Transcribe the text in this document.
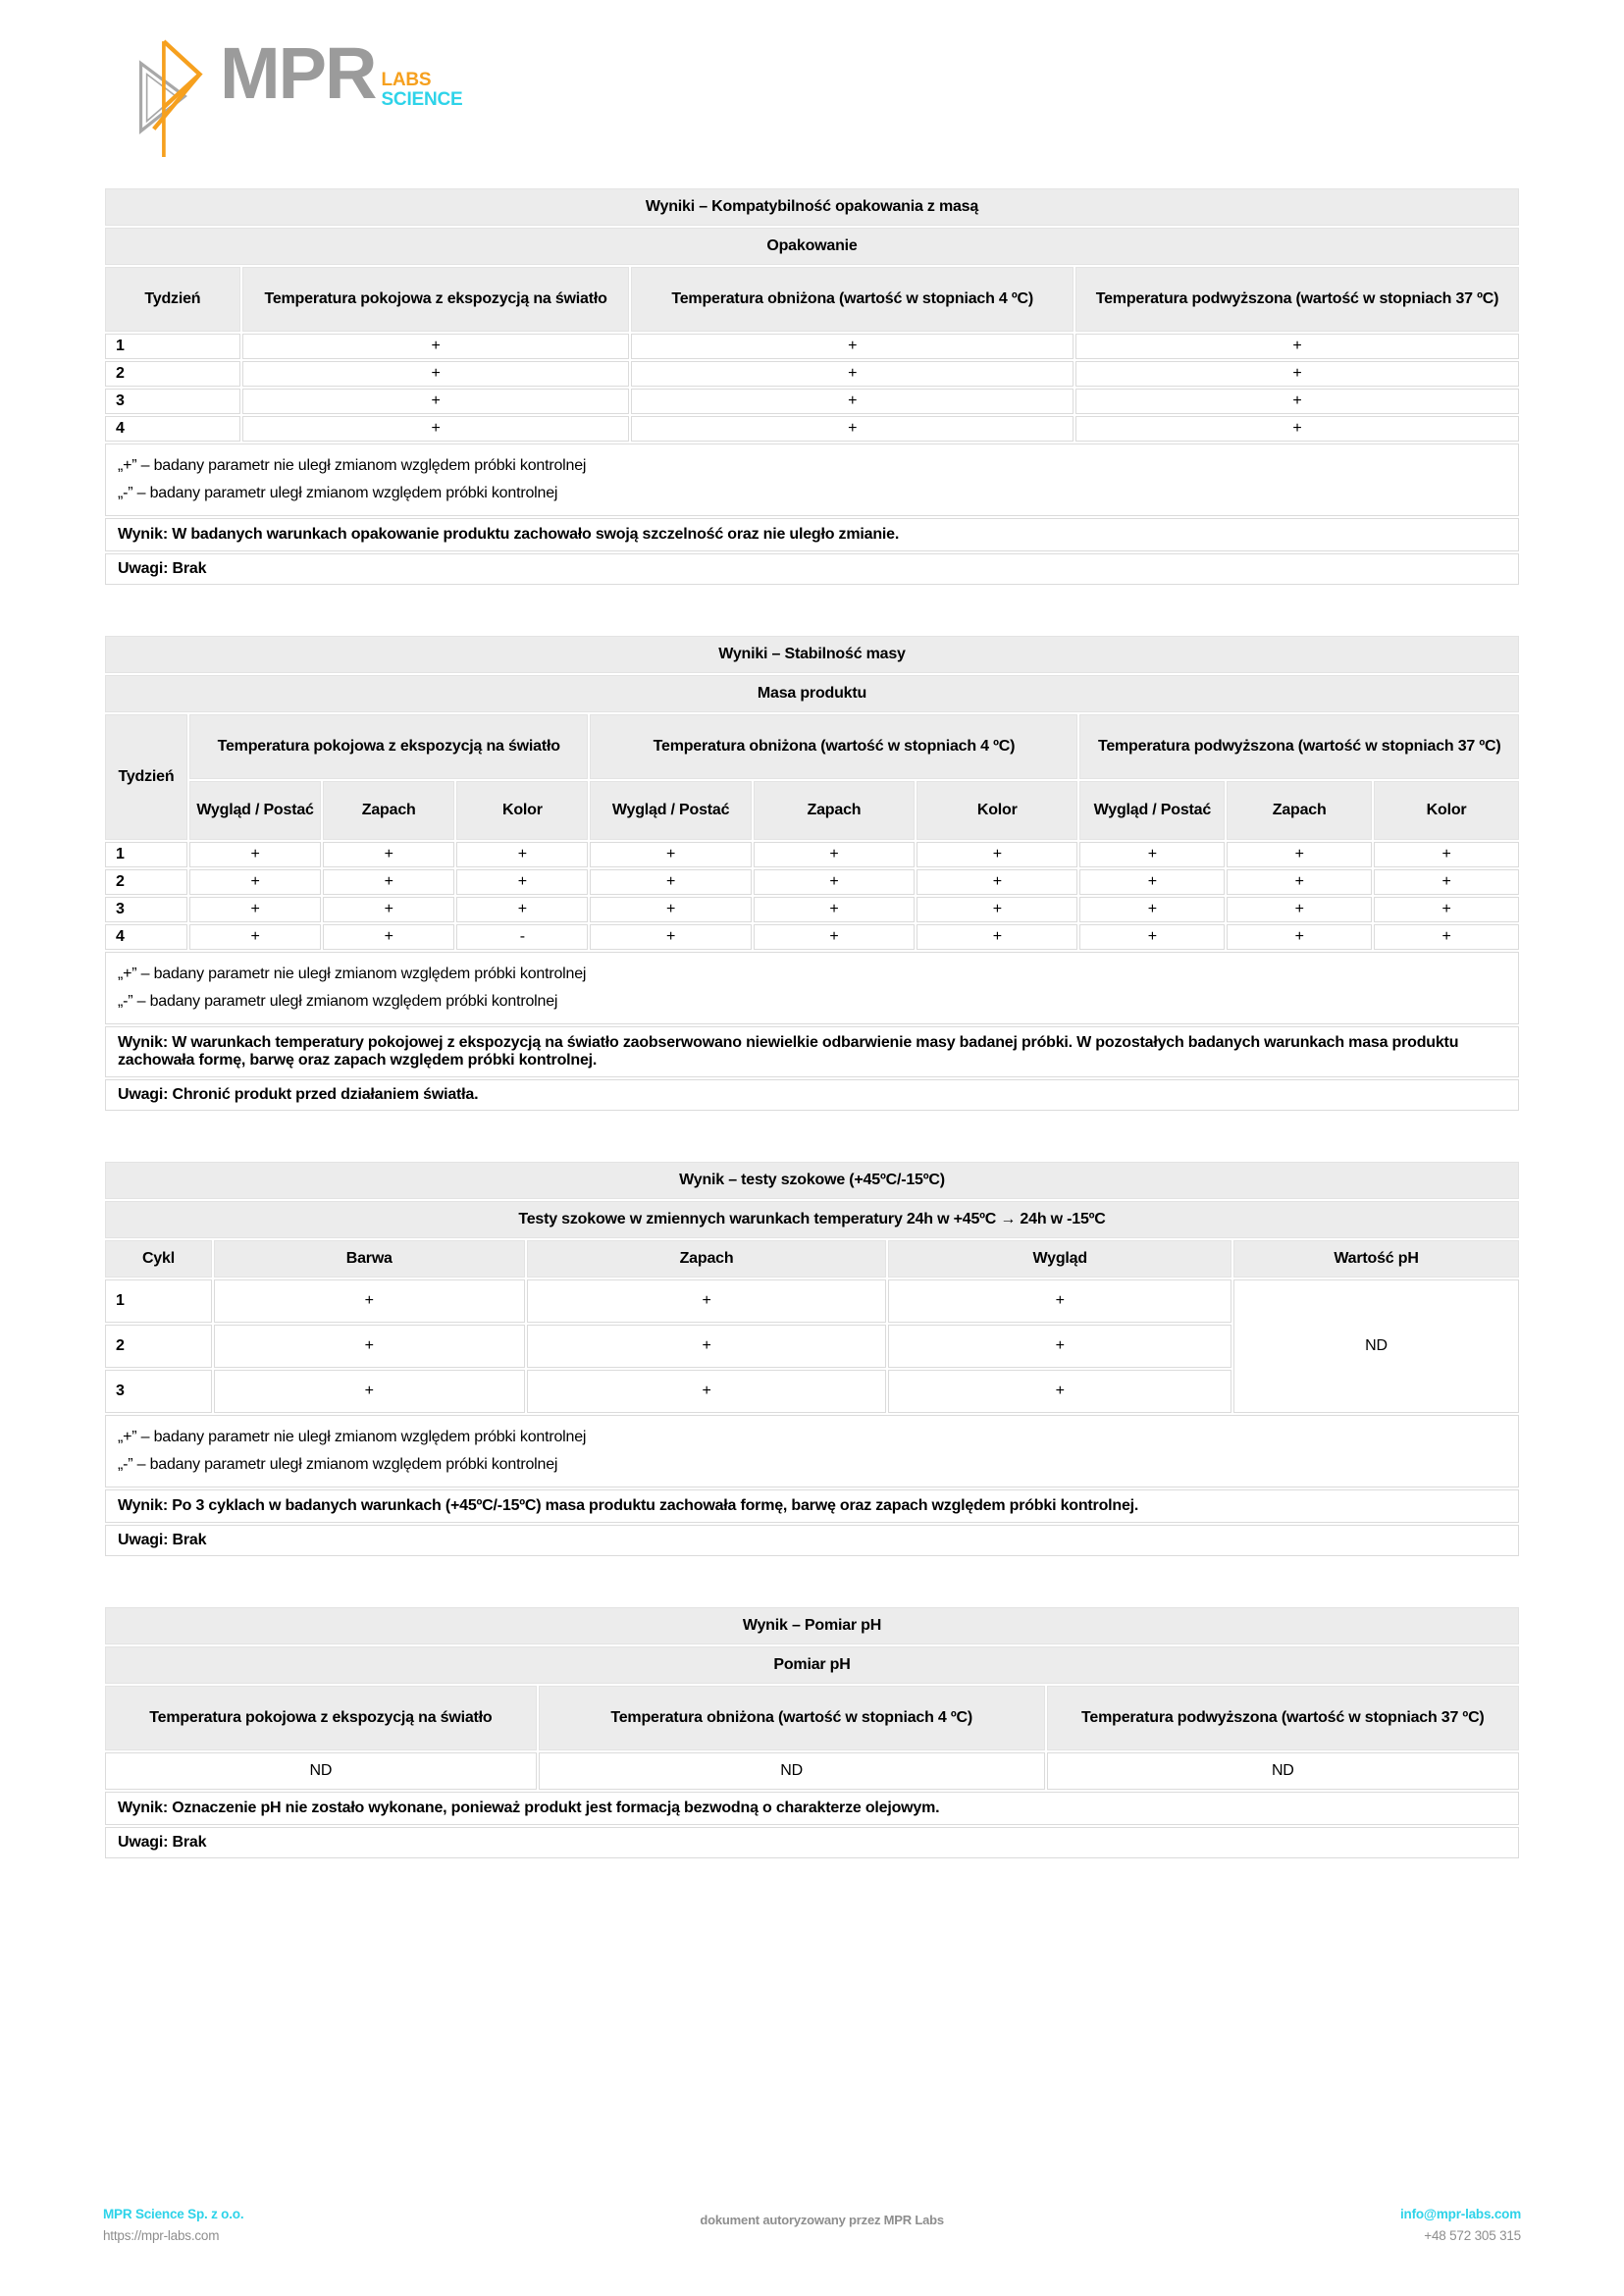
MPR LABS
SCIENCE
Wyniki – Kompatybilność opakowania z masą			
Opakowanie			
Tydzień	Temperatura pokojowa z ekspozycją na światło	Temperatura obniżona (wartość w stopniach 4 ºC)	Temperatura podwyższona (wartość w stopniach 37 ºC)
1	+	+	+
2	+	+	+
3	+	+	+
4	+	+	+

„+” – badany parametr nie uległ zmianom względem próbki kontrolnej
„-” – badany parametr uległ zmianom względem próbki kontrolnej			

Wynik: W badanych warunkach opakowanie produktu zachowało swoją szczelność oraz nie uległo zmianie.			
Uwagi: Brak			
Wyniki – Stabilność masy									
Masa produktu									
Tydzień	Temperatura pokojowa z ekspozycją na światło			Temperatura obniżona (wartość w stopniach 4 ºC)			Temperatura podwyższona (wartość w stopniach 37 ºC)		
	Wygląd / Postać	Zapach	Kolor	Wygląd / Postać	Zapach	Kolor	Wygląd / Postać	Zapach	Kolor
1	+	+	+	+	+	+	+	+	+
2	+	+	+	+	+	+	+	+	+
3	+	+	+	+	+	+	+	+	+
4	+	+	-	+	+	+	+	+	+

„+” – badany parametr nie uległ zmianom względem próbki kontrolnej
„-” – badany parametr uległ zmianom względem próbki kontrolnej									

Wynik: W warunkach temperatury pokojowej z ekspozycją na światło zaobserwowano niewielkie odbarwienie masy badanej próbki. W pozostałych badanych warunkach masa produktu zachowała formę, barwę oraz zapach względem próbki kontrolnej.									
Uwagi: Chronić produkt przed działaniem światła.									
Wynik – testy szokowe (+45ºC/-15ºC)				
Testy szokowe w zmiennych warunkach temperatury 24h w +45ºC → 24h w -15ºC				
Cykl	Barwa	Zapach	Wygląd	Wartość pH
1	+	+	+	ND
2	+	+	+	
3	+	+	+	

„+” – badany parametr nie uległ zmianom względem próbki kontrolnej
„-” – badany parametr uległ zmianom względem próbki kontrolnej				

Wynik: Po 3 cyklach w badanych warunkach (+45ºC/-15ºC) masa produktu zachowała formę, barwę oraz zapach względem próbki kontrolnej.				
Uwagi: Brak				
Wynik – Pomiar pH		
Pomiar pH		
Temperatura pokojowa z ekspozycją na światło	Temperatura obniżona (wartość w stopniach 4 ºC)	Temperatura podwyższona (wartość w stopniach 37 ºC)
ND	ND	ND
Wynik: Oznaczenie pH nie zostało wykonane, ponieważ produkt jest formacją bezwodną o charakterze olejowym.		
Uwagi: Brak		
MPR Science Sp. z o.o.
https://mpr-labs.com
dokument autoryzowany przez MPR Labs	info@mpr-labs.com
+48 572 305 315
